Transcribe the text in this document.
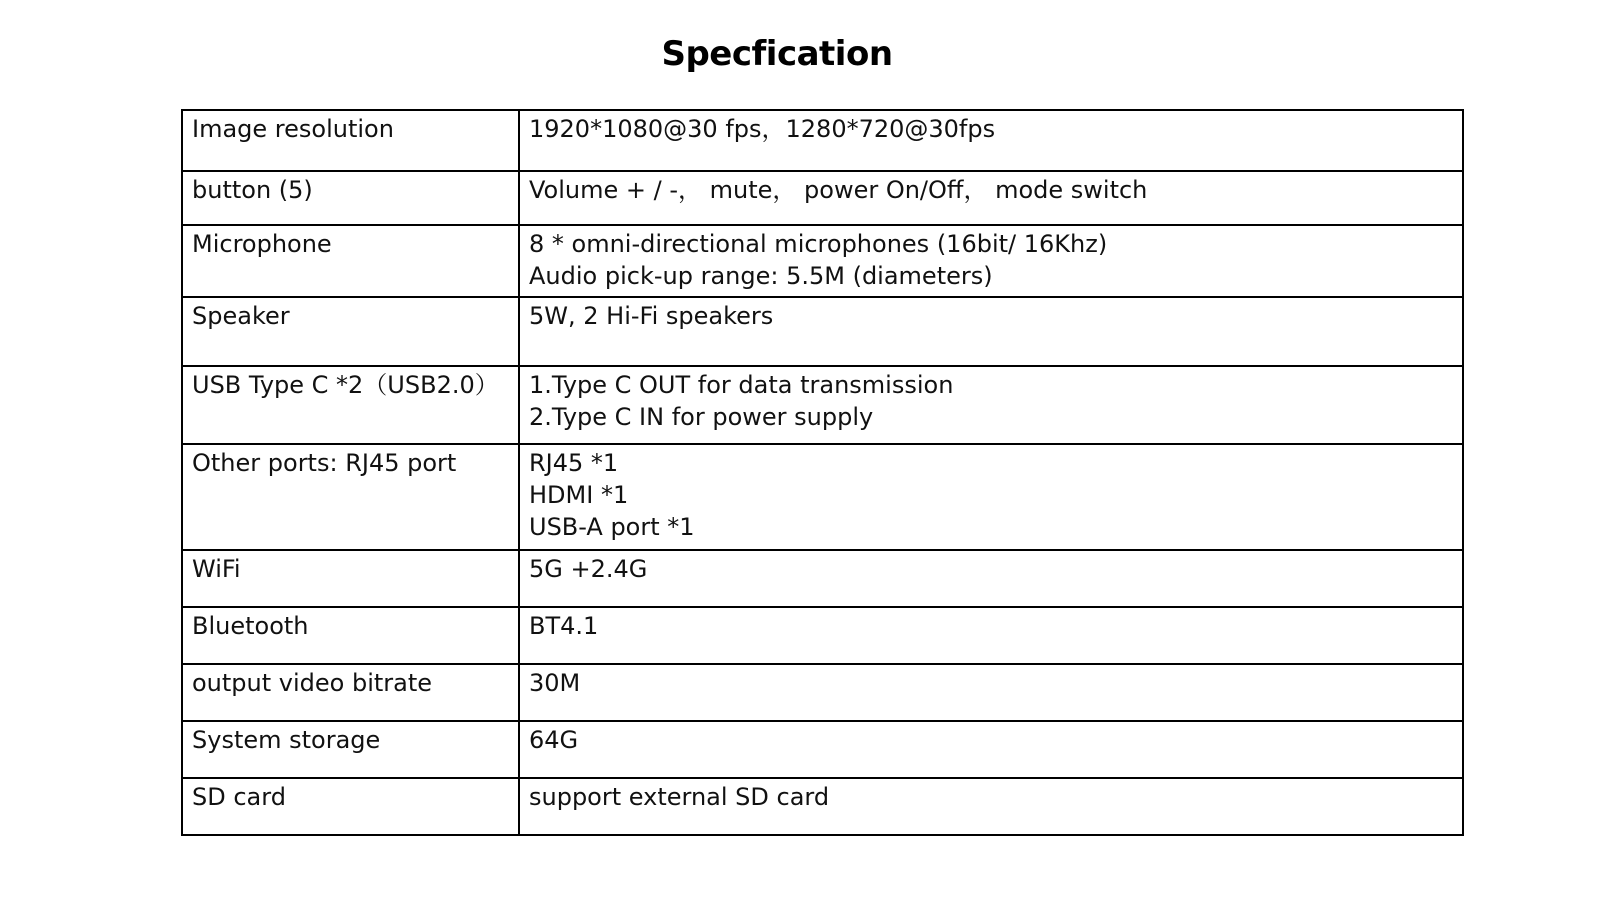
Specfication
Image resolution	1920*1080@30 fps，1280*720@30fps

button (5)	Volume + / -， mute， power On/Off， mode switch

Microphone	8 * omni-directional microphones (16bit/ 16Khz)
Audio pick-up range: 5.5M (diameters)

Speaker	5W, 2 Hi-Fi speakers

USB Type C *2（USB2.0）	1.Type C OUT for data transmission
2.Type C IN for power supply

Other ports: RJ45 port	RJ45 *1
HDMI *1
USB-A port *1

WiFi	5G +2.4G

Bluetooth	BT4.1

output video bitrate	30M

System storage	64G

SD card	support external SD card
